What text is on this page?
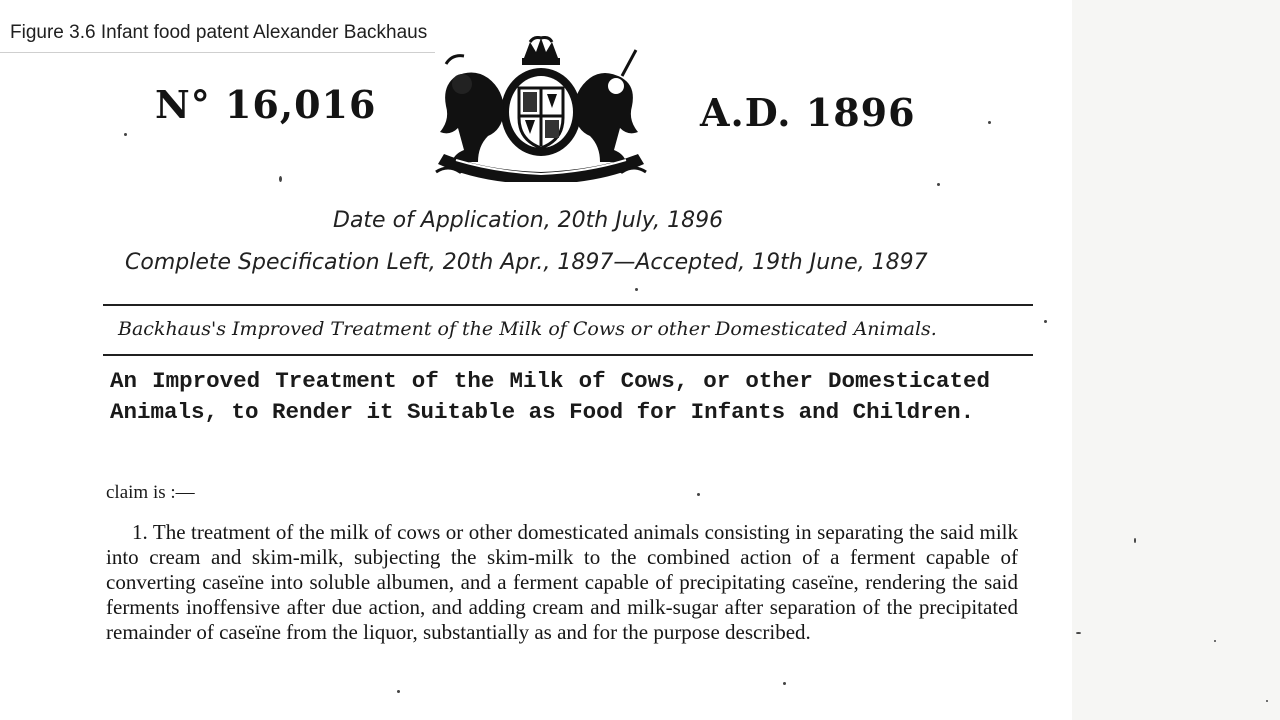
Figure 3.6 Infant food patent Alexander Backhaus
N° 16,016	A.D. 1896
Date of Application, 20th July, 1896
Complete Specification Left, 20th Apr., 1897—Accepted, 19th June, 1897
Backhaus's Improved Treatment of the Milk of Cows or other Domesticated Animals.
An Improved Treatment of the Milk of Cows, or other Domesticated Animals, to Render it Suitable as Food for Infants and Children.
claim is :—
1. The treatment of the milk of cows or other domesticated animals consisting in separating the said milk into cream and skim-milk, subjecting the skim-milk to the combined action of a ferment capable of converting caseïne into soluble albumen, and a ferment capable of precipitating caseïne, rendering the said ferments inoffensive after due action, and adding cream and milk-sugar after separation of the precipitated remainder of caseïne from the liquor, substantially as and for the purpose described.
